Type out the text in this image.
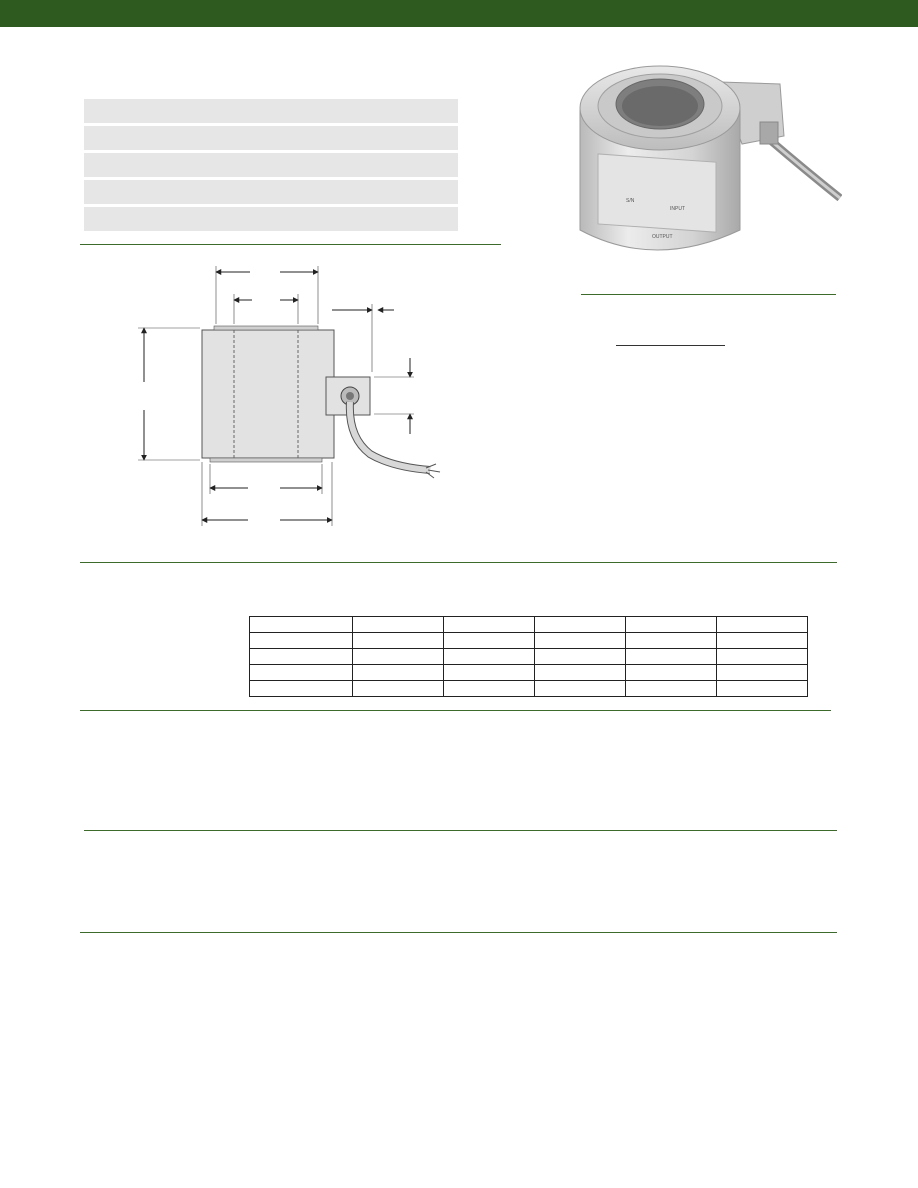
S/N
INPUT
OUTPUT
